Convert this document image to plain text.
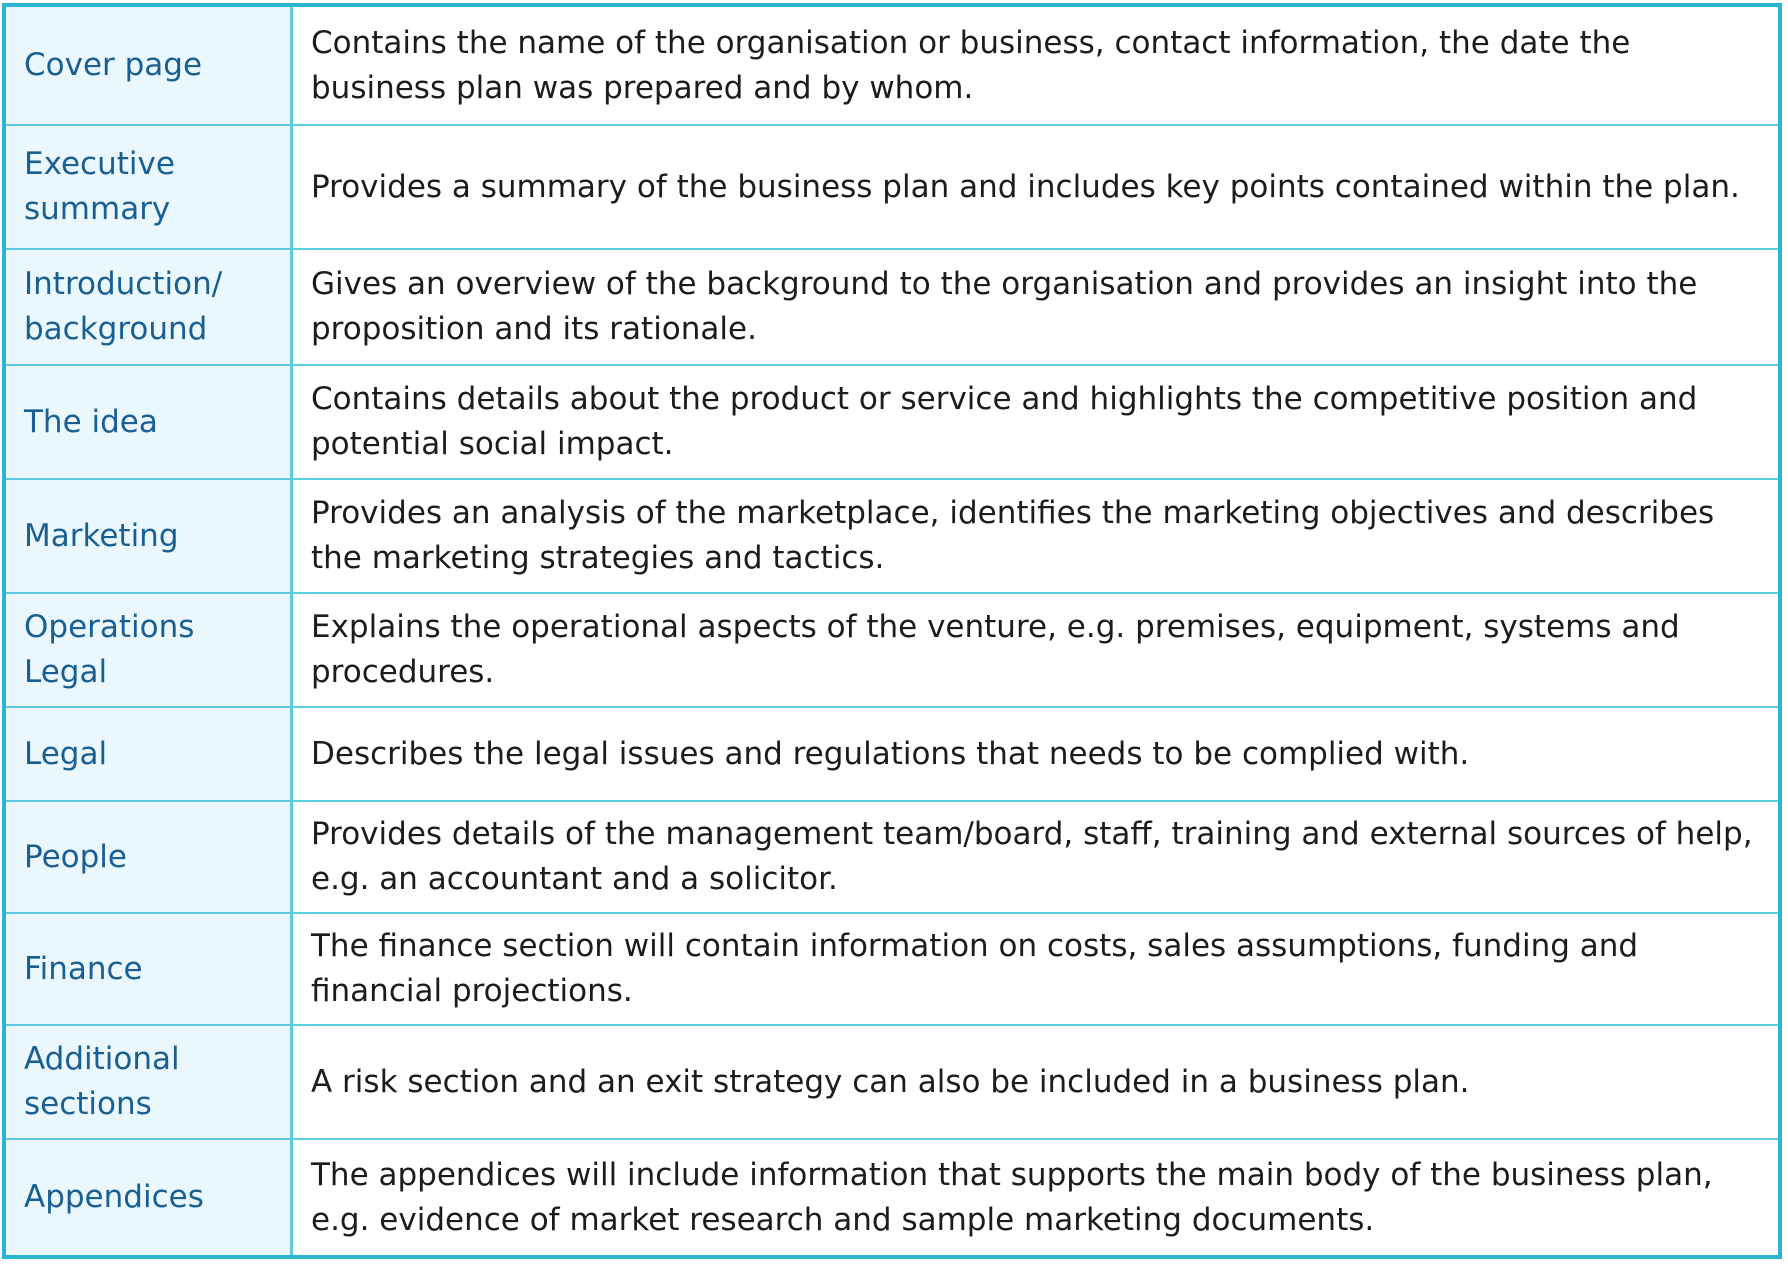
Cover page	Contains the name of the organisation or business, contact information, the date the business plan was prepared and by whom.
Executive summary	Provides a summary of the business plan and includes key points contained within the plan.
Introduction/ background	Gives an overview of the background to the organisation and provides an insight into the proposition and its rationale.
The idea	Contains details about the product or service and highlights the competitive position and potential social impact.
Marketing	Provides an analysis of the marketplace, identifies the marketing objectives and describes the marketing strategies and tactics.
Operations Legal	Explains the operational aspects of the venture, e.g. premises, equipment, systems and procedures.
Legal	Describes the legal issues and regulations that needs to be complied with.
People	Provides details of the management team/board, staff, training and external sources of help, e.g. an accountant and a solicitor.
Finance	The finance section will contain information on costs, sales assumptions, funding and financial projections.
Additional sections	A risk section and an exit strategy can also be included in a business plan.
Appendices	The appendices will include information that supports the main body of the business plan, e.g. evidence of market research and sample marketing documents.
